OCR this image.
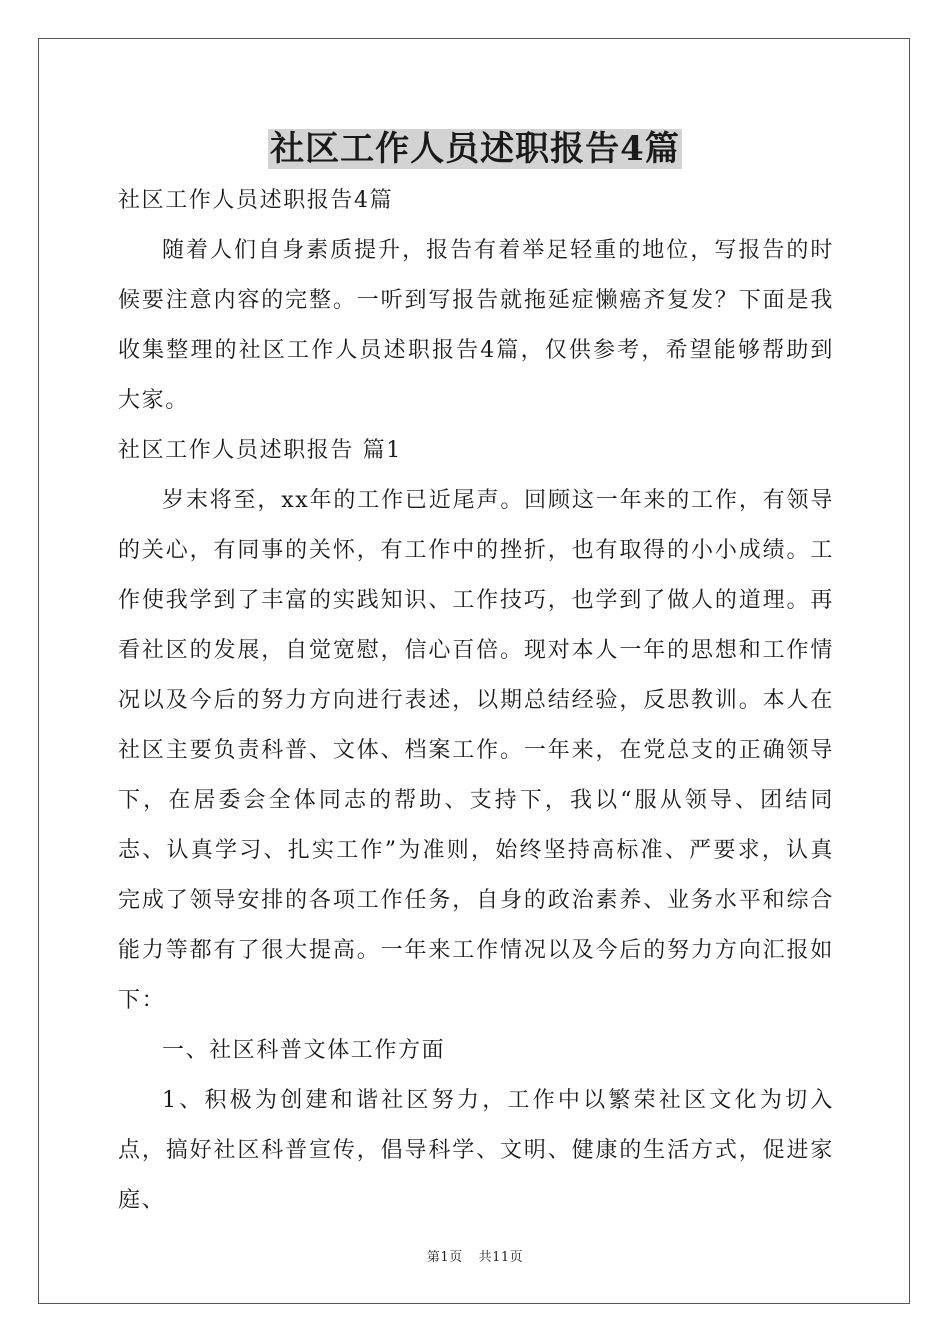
社区工作人员述职报告4篇

社区工作人员述职报告4篇

随着人们自身素质提升，报告有着举足轻重的地位，写报告的时候要注意内容的完整。一听到写报告就拖延症懒癌齐复发？下面是我收集整理的社区工作人员述职报告4篇，仅供参考，希望能够帮助到大家。

社区工作人员述职报告 篇1

岁末将至，xx年的工作已近尾声。回顾这一年来的工作，有领导的关心，有同事的关怀，有工作中的挫折，也有取得的小小成绩。工作使我学到了丰富的实践知识、工作技巧，也学到了做人的道理。再看社区的发展，自觉宽慰，信心百倍。现对本人一年的思想和工作情况以及今后的努力方向进行表述，以期总结经验，反思教训。本人在社区主要负责科普、文体、档案工作。一年来，在党总支的正确领导下，在居委会全体同志的帮助、支持下，我以“服从领导、团结同志、认真学习、扎实工作”为准则，始终坚持高标准、严要求，认真完成了领导安排的各项工作任务，自身的政治素养、业务水平和综合能力等都有了很大提高。一年来工作情况以及今后的努力方向汇报如下：

一、社区科普文体工作方面

1、积极为创建和谐社区努力，工作中以繁荣社区文化为切入点，搞好社区科普宣传，倡导科学、文明、健康的生活方式，促进家庭、

第1页 共11页
